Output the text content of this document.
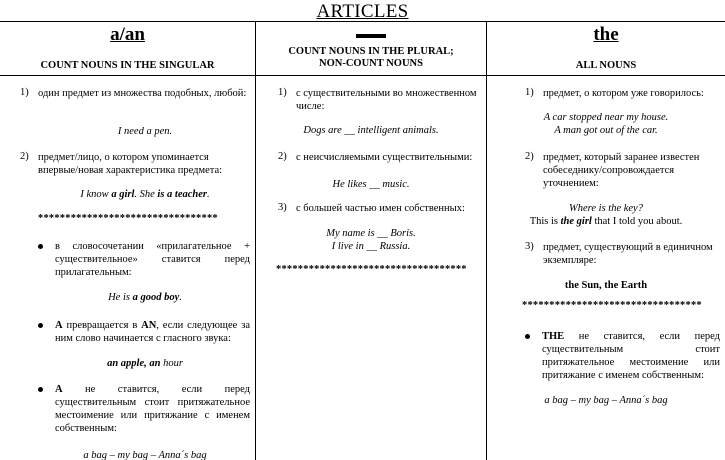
ARTICLES
a/an
COUNT NOUNS IN THE SINGULAR
1) один предмет из множества подобных, любой:
I need a pen.
2) предмет/лицо, о котором упоминается впервые/новая характеристика предмета:
I know a girl. She is a teacher.
*********************************
в словосочетании «прилагательное + существительное» ставится перед прилагательным:
He is a good boy.
A превращается в AN, если следующее за ним слово начинается с гласного звука:
an apple, an hour
A не ставится, если перед существительным стоит притяжательное местоимение или притяжание с именем собственным:
a bag – my bag – Anna´s bag
COUNT NOUNS IN THE PLURAL;
NON-COUNT NOUNS
1) с существительными во множественном числе:
Dogs are __ intelligent animals.
2) с неисчисляемыми существительными:
He likes __ music.
3) с большей частью имен собственных:
My name is __ Boris.
I live in __ Russia.
***********************************
the
ALL NOUNS
1) предмет, о котором уже говорилось:
A car stopped near my house.
A man got out of the car.
2) предмет, который заранее известен собеседнику/сопровождается уточнением:
Where is the key?
This is the girl that I told you about.
3) предмет, существующий в единичном экземпляре:
the Sun, the Earth
*********************************
THE не ставится, если перед существительным стоит притяжательное местоимение или притяжание с именем собственным:
a bag – my bag – Anna´s bag
